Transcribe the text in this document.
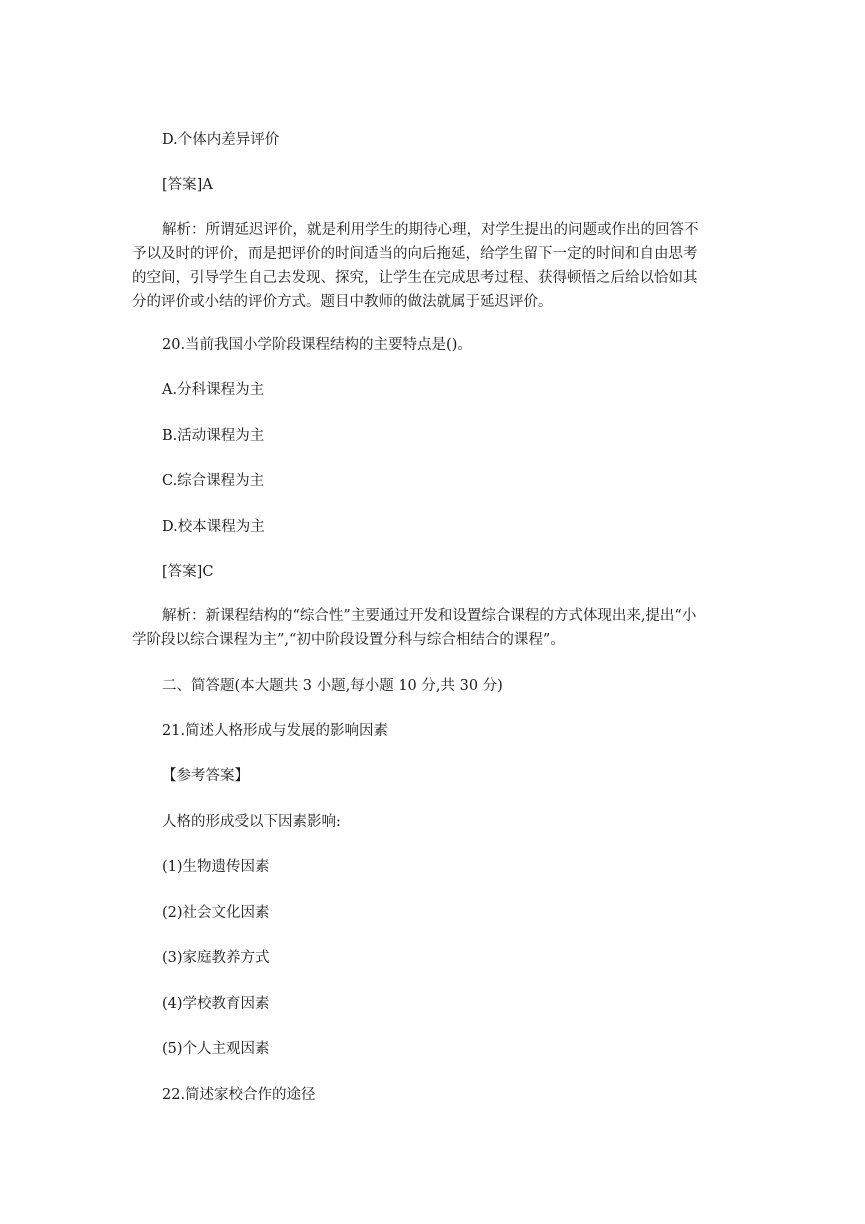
D.个体内差异评价
[答案]A
解析：所谓延迟评价，就是利用学生的期待心理，对学生提出的问题或作出的回答不
予以及时的评价，而是把评价的时间适当的向后拖延，给学生留下一定的时间和自由思考
的空间，引导学生自己去发现、探究，让学生在完成思考过程、获得顿悟之后给以恰如其
分的评价或小结的评价方式。题目中教师的做法就属于延迟评价。
20.当前我国小学阶段课程结构的主要特点是()。
A.分科课程为主
B.活动课程为主
C.综合课程为主
D.校本课程为主
[答案]C
解析：新课程结构的“综合性”主要通过开发和设置综合课程的方式体现出来,提出“小
学阶段以综合课程为主”,“初中阶段设置分科与综合相结合的课程”。
二、简答题(本大题共 3 小题,每小题 10 分,共 30 分)
21.简述人格形成与发展的影响因素
【参考答案】
人格的形成受以下因素影响:
(1)生物遗传因素
(2)社会文化因素
(3)家庭教养方式
(4)学校教育因素
(5)个人主观因素
22.简述家校合作的途径
